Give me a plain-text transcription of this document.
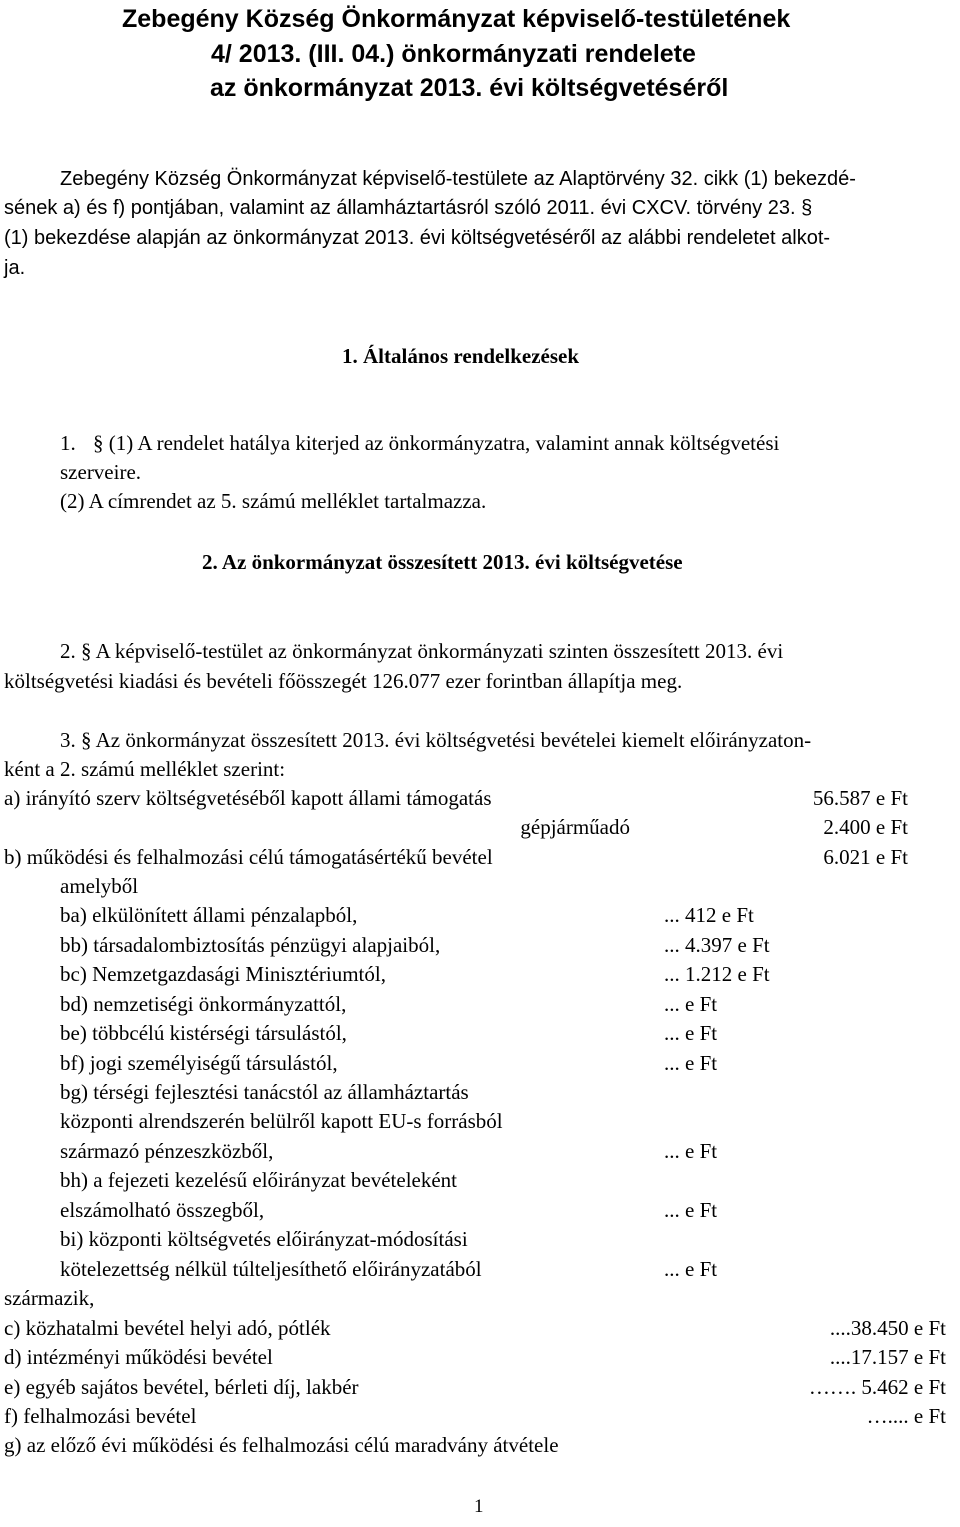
Zebegény Község Önkormányzat képviselő-testületének
4/ 2013. (III. 04.) önkormányzati rendelete
az önkormányzat 2013. évi költségvetéséről
Zebegény Község Önkormányzat képviselő-testülete az Alaptörvény 32. cikk (1) bekezdé-
sének a) és f) pontjában, valamint az államháztartásról szóló 2011. évi CXCV. törvény 23. §
(1) bekezdése alapján az önkormányzat 2013. évi költségvetéséről az alábbi rendeletet alkot-
ja.
1. Általános rendelkezések
1. § (1) A rendelet hatálya kiterjed az önkormányzatra, valamint annak költségvetési
szerveire.
(2) A címrendet az 5. számú melléklet tartalmazza.
2. Az önkormányzat összesített 2013. évi költségvetése
2. § A képviselő-testület az önkormányzat önkormányzati szinten összesített 2013. évi
költségvetési kiadási és bevételi főösszegét 126.077 ezer forintban állapítja meg.
3. § Az önkormányzat összesített 2013. évi költségvetési bevételei kiemelt előirányzaton-
ként a 2. számú melléklet szerint:
a) irányító szerv költségvetéséből kapott állami támogatás
gépjárműadó
b) működési és felhalmozási célú támogatásértékű bevétel
amelyből
ba) elkülönített állami pénzalapból,
bb) társadalombiztosítás pénzügyi alapjaiból,
bc) Nemzetgazdasági Minisztériumtól,
bd) nemzetiségi önkormányzattól,
be) többcélú kistérségi társulástól,
bf) jogi személyiségű társulástól,
bg) térségi fejlesztési tanácstól az államháztartás
központi alrendszerén belülről kapott EU-s forrásból
származó pénzeszközből,
bh) a fejezeti kezelésű előirányzat bevételeként
elszámolható összegből,
bi) központi költségvetés előirányzat-módosítási
kötelezettség nélkül túlteljesíthető előirányzatából
származik,
c) közhatalmi bevétel helyi adó, pótlék
d) intézményi működési bevétel
e) egyéb sajátos bevétel, bérleti díj, lakbér
f) felhalmozási bevétel
g) az előző évi működési és felhalmozási célú maradvány átvétele
56.587 e Ft
2.400 e Ft
6.021 e Ft
... 412 e Ft
... 4.397 e Ft
... 1.212 e Ft
... e Ft
... e Ft
... e Ft
... e Ft
... e Ft
... e Ft
....38.450 e Ft
....17.157 e Ft
……. 5.462 e Ft
….... e Ft
1
